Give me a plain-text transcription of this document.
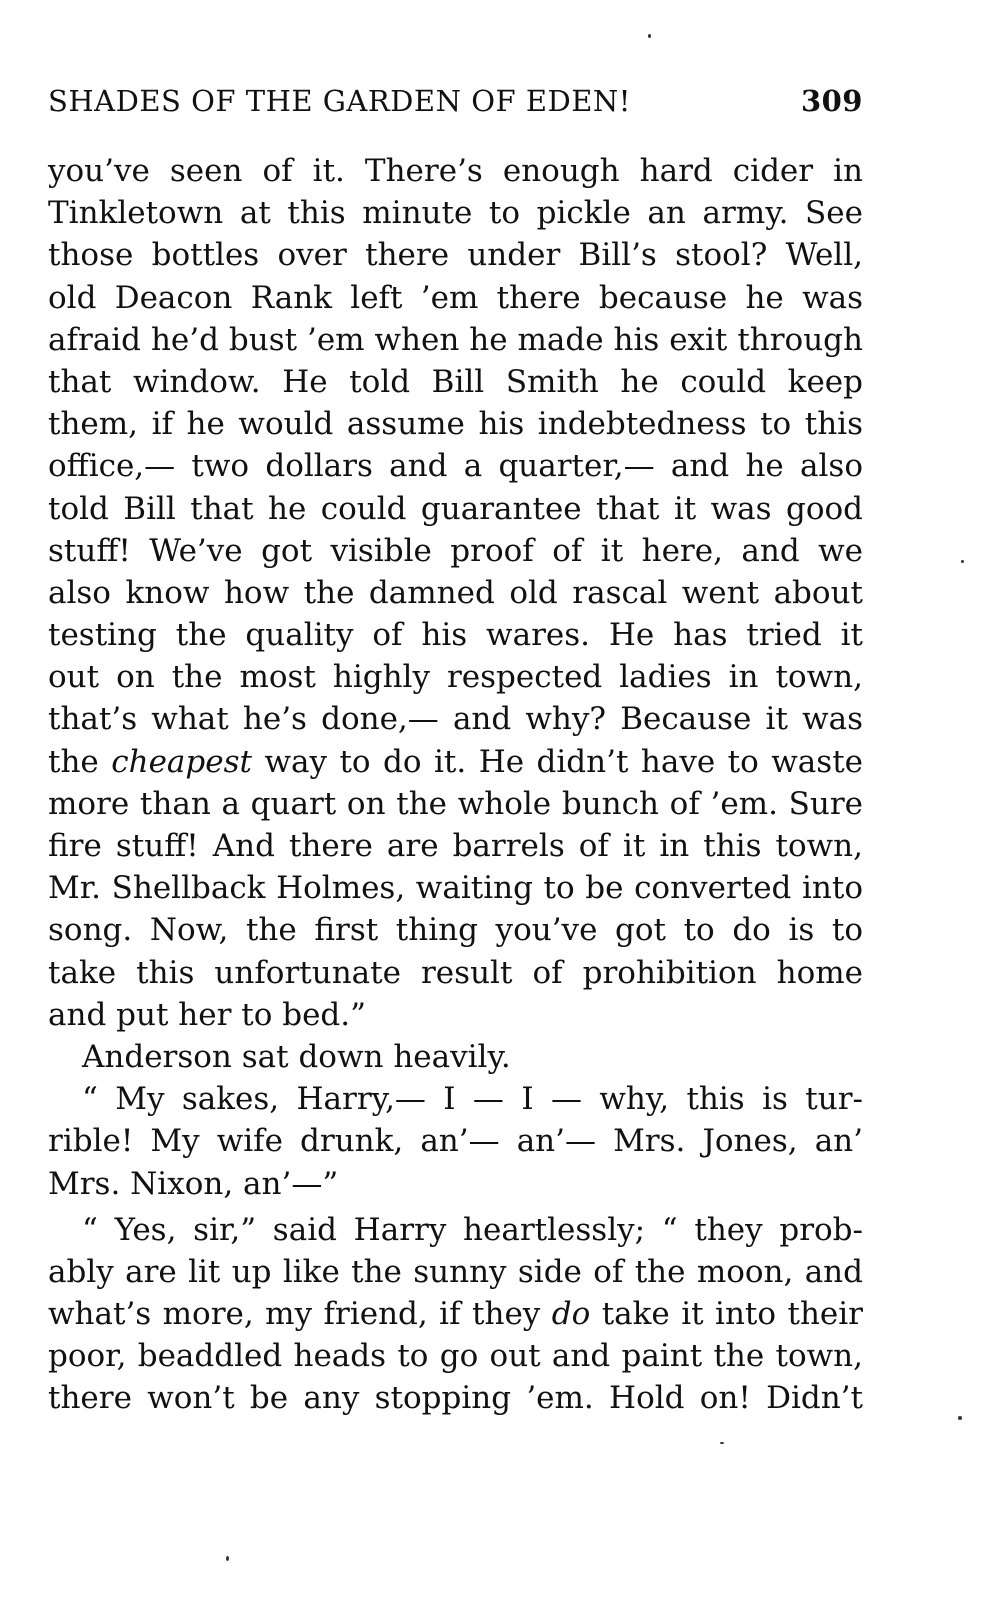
SHADES OF THE GARDEN OF EDEN!	309
you’ve seen of it. There’s enough hard cider in
Tinkletown at this minute to pickle an army. See
those bottles over there under Bill’s stool? Well,
old Deacon Rank left ’em there because he was
afraid he’d bust ’em when he made his exit through
that window. He told Bill Smith he could keep
them, if he would assume his indebtedness to this
office,— two dollars and a quarter,— and he also
told Bill that he could guarantee that it was good
stuff! We’ve got visible proof of it here, and we
also know how the damned old rascal went about
testing the quality of his wares. He has tried it
out on the most highly respected ladies in town,
that’s what he’s done,— and why? Because it was
the cheapest way to do it. He didn’t have to waste
more than a quart on the whole bunch of ’em. Sure
fire stuff! And there are barrels of it in this town,
Mr. Shellback Holmes, waiting to be converted into
song. Now, the first thing you’ve got to do is to
take this unfortunate result of prohibition home
and put her to bed.”
Anderson sat down heavily.
“ My sakes, Harry,— I — I — why, this is tur-
rible! My wife drunk, an’— an’— Mrs. Jones, an’
Mrs. Nixon, an’—”
“ Yes, sir,” said Harry heartlessly; “ they prob-
ably are lit up like the sunny side of the moon, and
what’s more, my friend, if they do take it into their
poor, beaddled heads to go out and paint the town,
there won’t be any stopping ’em. Hold on! Didn’t
